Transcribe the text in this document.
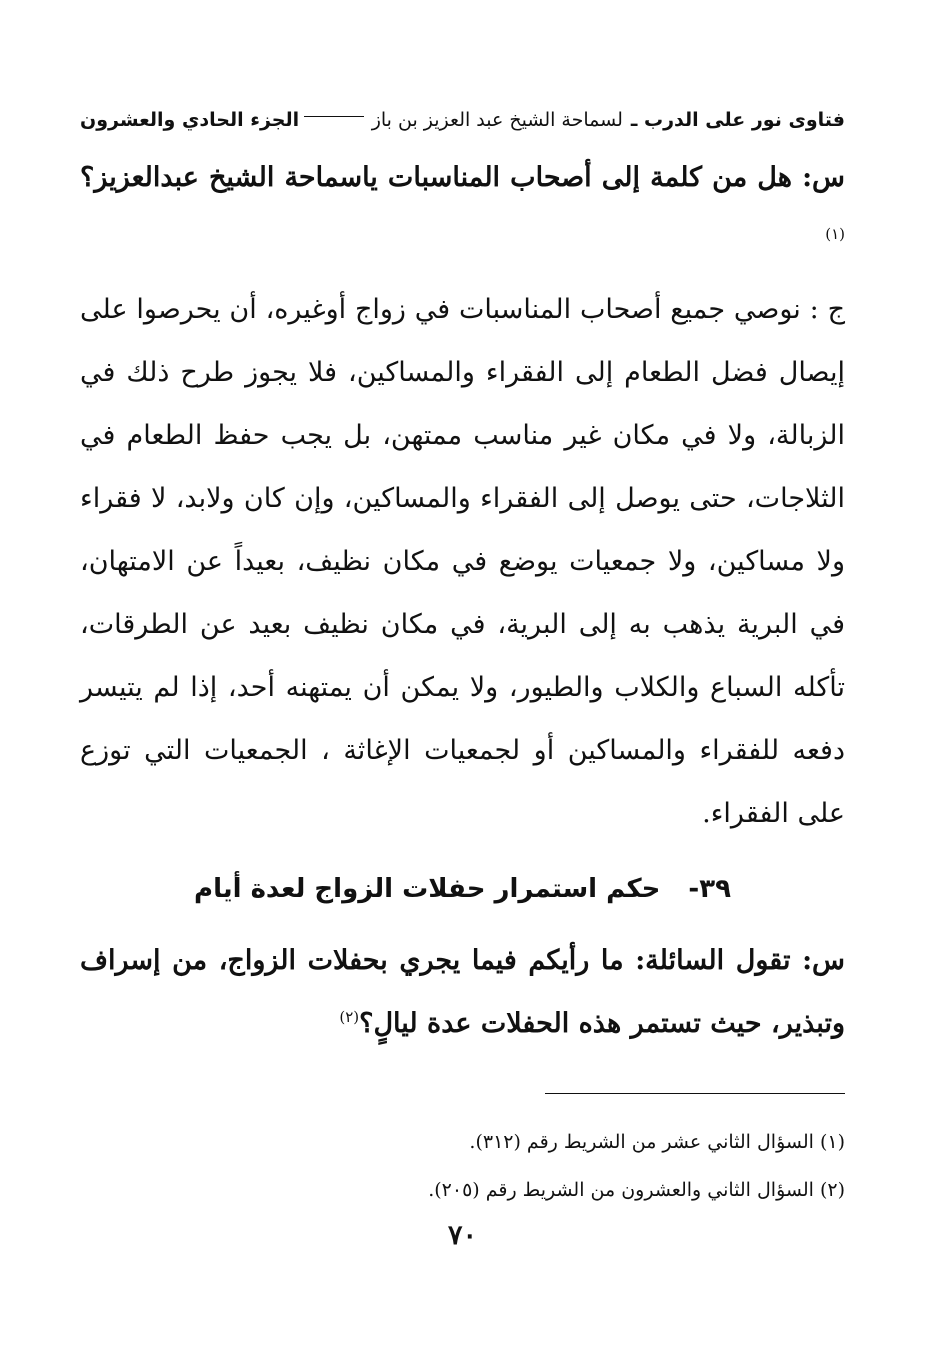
فتاوى نور على الدرب ـ
لسماحة الشيخ عبد العزيز بن باز
الجزء الحادي والعشرون

س: هل من كلمة إلى أصحاب المناسبات ياسماحة الشيخ عبدالعزيز؟$^{(١)}$

ج : نوصي جميع أصحاب المناسبات في زواج أوغيره، أن يحرصوا على إيصال فضل الطعام إلى الفقراء والمساكين، فلا يجوز طرح ذلك في الزبالة، ولا في مكان غير مناسب ممتهن، بل يجب حفظ الطعام في الثلاجات، حتى يوصل إلى الفقراء والمساكين، وإن كان ولابد، لا فقراء ولا مساكين، ولا جمعيات يوضع في مكان نظيف، بعيداً عن الامتهان، في البرية يذهب به إلى البرية، في مكان نظيف بعيد عن الطرقات، تأكله السباع والكلاب والطيور، ولا يمكن أن يمتهنه أحد، إذا لم يتيسر دفعه للفقراء والمساكين أو لجمعيات الإغاثة ، الجمعيات التي توزع على الفقراء.

٣٩-حكم استمرار حفلات الزواج لعدة أيام

س: تقول السائلة: ما رأيكم فيما يجري بحفلات الزواج، من إسراف وتبذير، حيث تستمر هذه الحفلات عدة ليالٍ؟$^{(٢)}$

(١) السؤال الثاني عشر من الشريط رقم (٣١٢).

(٢) السؤال الثاني والعشرون من الشريط رقم (٢٠٥).

٧٠
